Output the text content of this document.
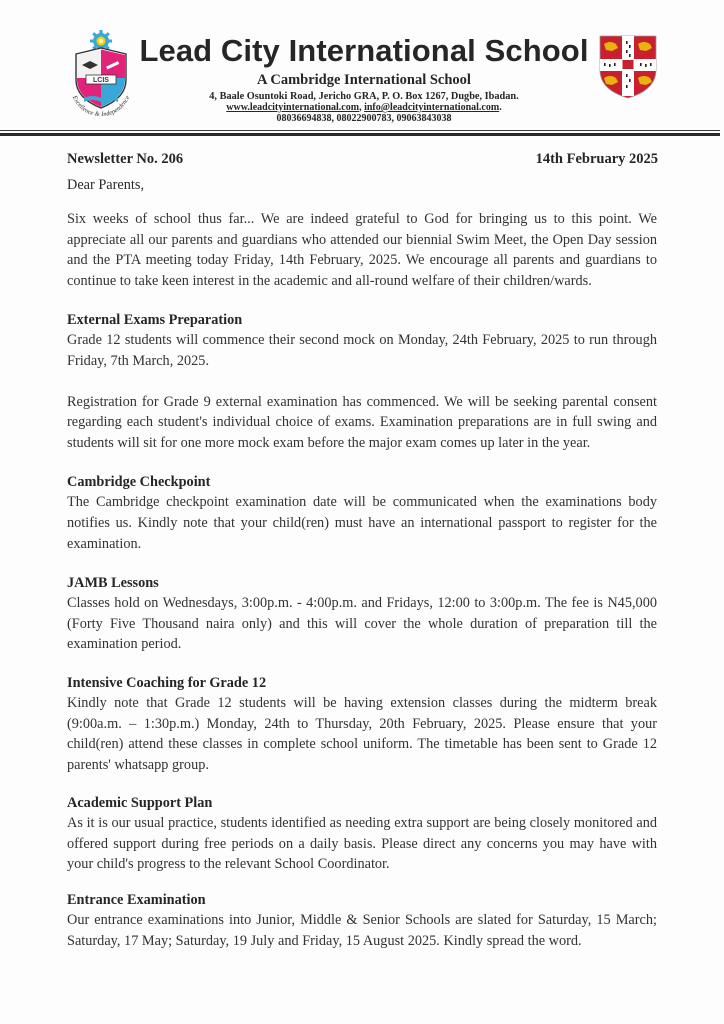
LCIS
Excellence & Independence
Lead City International School
A Cambridge International School
4, Baale Osuntoki Road, Jericho GRA, P. O. Box 1267, Dugbe, Ibadan.
www.leadcityinternational.com, info@leadcityinternational.com.
08036694838, 08022900783, 09063843038
Newsletter No. 206	14th February 2025
Dear Parents,

Six weeks of school thus far... We are indeed grateful to God for bringing us to this point. We appreciate all our parents and guardians who attended our biennial Swim Meet, the Open Day session and the PTA meeting today Friday, 14th February, 2025. We encourage all parents and guardians to continue to take keen interest in the academic and all-round welfare of their children/wards.

External Exams Preparation

Grade 12 students will commence their second mock on Monday, 24th February, 2025 to run through Friday, 7th March, 2025.

Registration for Grade 9 external examination has commenced. We will be seeking parental consent regarding each student's individual choice of exams. Examination preparations are in full swing and students will sit for one more mock exam before the major exam comes up later in the year.

Cambridge Checkpoint

The Cambridge checkpoint examination date will be communicated when the examinations body notifies us. Kindly note that your child(ren) must have an international passport to register for the examination.

JAMB Lessons

Classes hold on Wednesdays, 3:00p.m. - 4:00p.m. and Fridays, 12:00 to 3:00p.m. The fee is N45,000 (Forty Five Thousand naira only) and this will cover the whole duration of preparation till the examination period.

Intensive Coaching for Grade 12

Kindly note that Grade 12 students will be having extension classes during the midterm break (9:00a.m. – 1:30p.m.) Monday, 24th to Thursday, 20th February, 2025. Please ensure that your child(ren) attend these classes in complete school uniform. The timetable has been sent to Grade 12 parents' whatsapp group.

Academic Support Plan

As it is our usual practice, students identified as needing extra support are being closely monitored and offered support during free periods on a daily basis. Please direct any concerns you may have with your child's progress to the relevant School Coordinator.

Entrance Examination

Our entrance examinations into Junior, Middle & Senior Schools are slated for Saturday, 15 March; Saturday, 17 May; Saturday, 19 July and Friday, 15 August 2025. Kindly spread the word.
